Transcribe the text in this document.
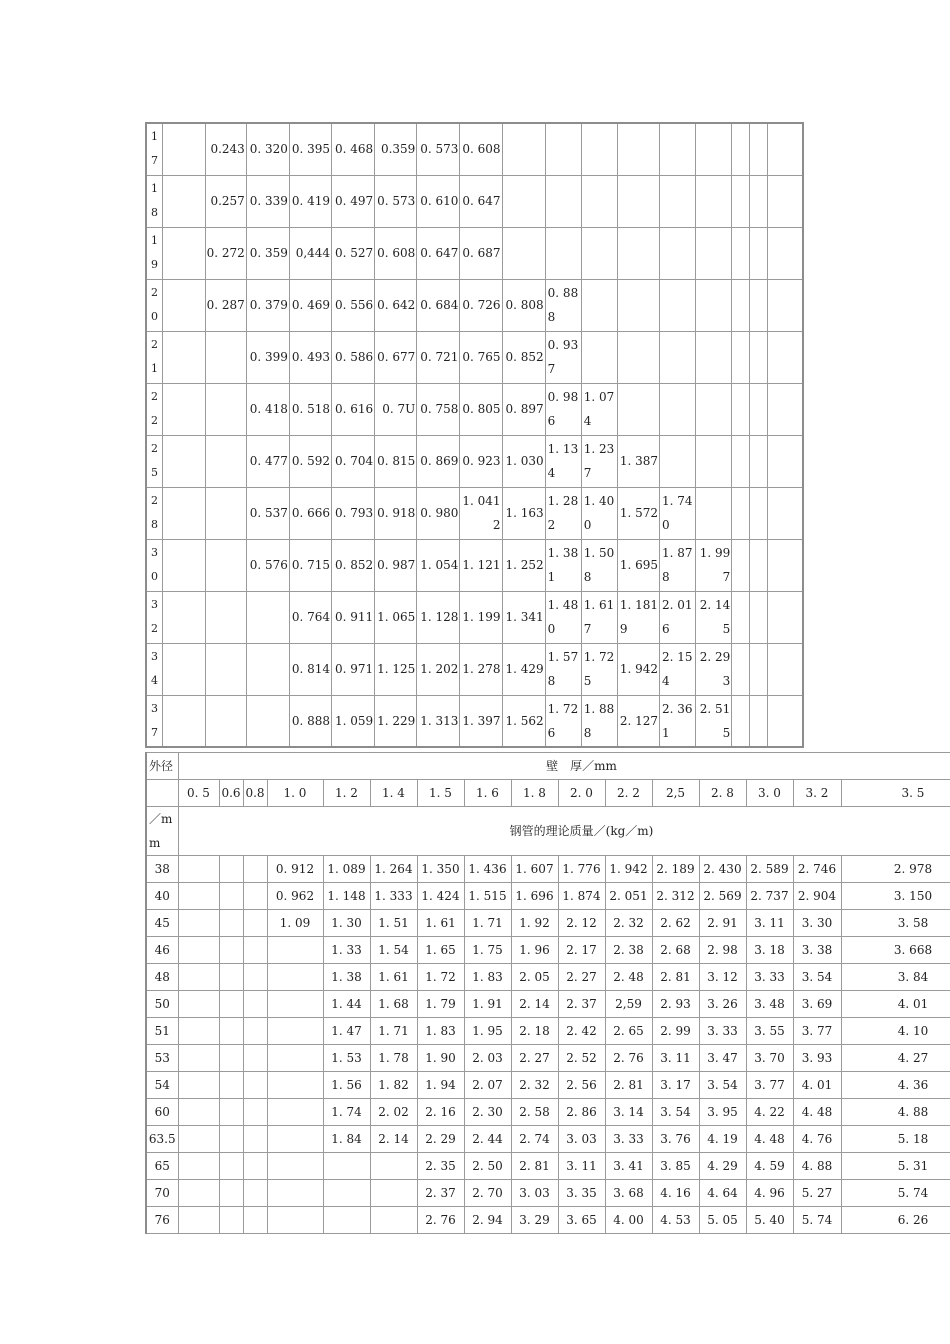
17		0.243	0. 320	0. 395	0. 468	0.359	0. 573	0. 608									
18		0.257	0. 339	0. 419	0. 497	0. 573	0. 610	0. 647									
19		0. 272	0. 359	0,444	0. 527	0. 608	0. 647	0. 687									
20		0. 287	0. 379	0. 469	0. 556	0. 642	0. 684	0. 726	0. 808	0. 888							
21			0. 399	0. 493	0. 586	0. 677	0. 721	0. 765	0. 852	0. 937							
22			0. 418	0. 518	0. 616	0. 7U	0. 758	0. 805	0. 897	0. 986	1. 074						
25			0. 477	0. 592	0. 704	0. 815	0. 869	0. 923	1. 030	1. 134	1. 237	1. 387					
28			0. 537	0. 666	0. 793	0. 918	0. 980	1. 0412	1. 163	1. 282	1. 400	1. 572	1. 740				
30			0. 576	0. 715	0. 852	0. 987	1. 054	1. 121	1. 252	1. 381	1. 508	1. 695	1. 878	1. 997			
32				0. 764	0. 911	1. 065	1. 128	1. 199	1. 341	1. 480	1. 617	1. 1819	2. 016	2. 145			
34				0. 814	0. 971	1. 125	1. 202	1. 278	1. 429	1. 578	1. 725	1. 942	2. 154	2. 293			
37				0. 888	1. 059	1. 229	1. 313	1. 397	1. 562	1. 726	1. 888	2. 127	2. 361	2. 515			
外径	壁　厚／mm															
	0. 5	0.6	0.8	1. 0	1. 2	1. 4	1. 5	1. 6	1. 8	2. 0	2. 2	2,5	2. 8	3. 0	3. 2	3. 5
／mm	钢管的理论质量／(kg／m)															
38				0. 912	1. 089	1. 264	1. 350	1. 436	1. 607	1. 776	1. 942	2. 189	2. 430	2. 589	2. 746	2. 978
40				0. 962	1. 148	1. 333	1. 424	1. 515	1. 696	1. 874	2. 051	2. 312	2. 569	2. 737	2. 904	3. 150
45				1. 09	1. 30	1. 51	1. 61	1. 71	1. 92	2. 12	2. 32	2. 62	2. 91	3. 11	3. 30	3. 58
46					1. 33	1. 54	1. 65	1. 75	1. 96	2. 17	2. 38	2. 68	2. 98	3. 18	3. 38	3. 668
48					1. 38	1. 61	1. 72	1. 83	2. 05	2. 27	2. 48	2. 81	3. 12	3. 33	3. 54	3. 84
50					1. 44	1. 68	1. 79	1. 91	2. 14	2. 37	2,59	2. 93	3. 26	3. 48	3. 69	4. 01
51					1. 47	1. 71	1. 83	1. 95	2. 18	2. 42	2. 65	2. 99	3. 33	3. 55	3. 77	4. 10
53					1. 53	1. 78	1. 90	2. 03	2. 27	2. 52	2. 76	3. 11	3. 47	3. 70	3. 93	4. 27
54					1. 56	1. 82	1. 94	2. 07	2. 32	2. 56	2. 81	3. 17	3. 54	3. 77	4. 01	4. 36
60					1. 74	2. 02	2. 16	2. 30	2. 58	2. 86	3. 14	3. 54	3. 95	4. 22	4. 48	4. 88
63.5					1. 84	2. 14	2. 29	2. 44	2. 74	3. 03	3. 33	3. 76	4. 19	4. 48	4. 76	5. 18
65							2. 35	2. 50	2. 81	3. 11	3. 41	3. 85	4. 29	4. 59	4. 88	5. 31
70							2. 37	2. 70	3. 03	3. 35	3. 68	4. 16	4. 64	4. 96	5. 27	5. 74
76							2. 76	2. 94	3. 29	3. 65	4. 00	4. 53	5. 05	5. 40	5. 74	6. 26
